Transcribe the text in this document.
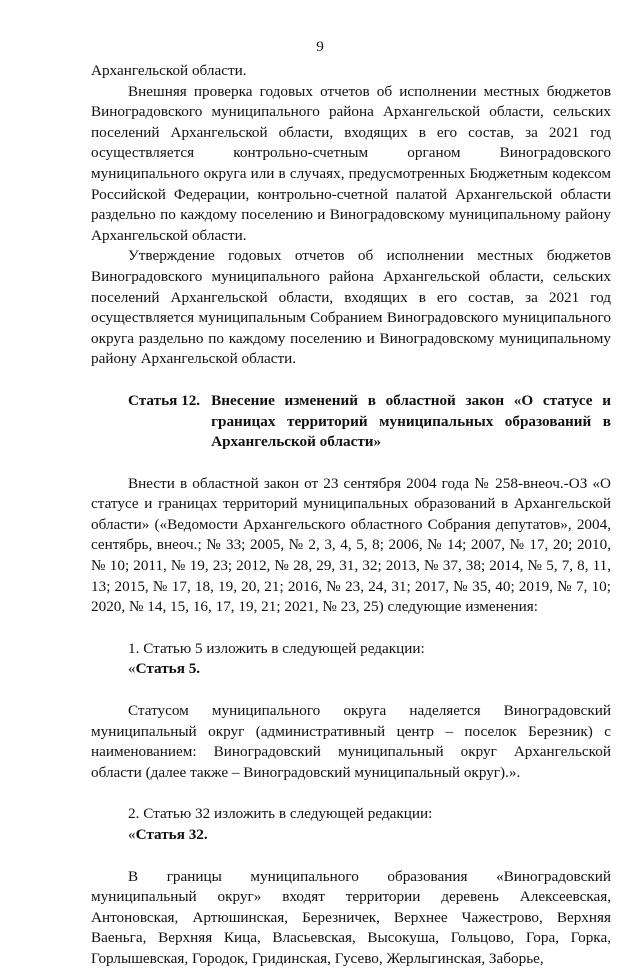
9

Архангельской области.

Внешняя проверка годовых отчетов об исполнении местных бюджетов Виноградовского муниципального района Архангельской области, сельских поселений Архангельской области, входящих в его состав, за 2021 год осуществляется контрольно-счетным органом Виноградовского муниципального округа или в случаях, предусмотренных Бюджетным кодексом Российской Федерации, контрольно-счетной палатой Архангельской области раздельно по каждому поселению и Виноградовскому муниципальному району Архангельской области.

Утверждение годовых отчетов об исполнении местных бюджетов Виноградовского муниципального района Архангельской области, сельских поселений Архангельской области, входящих в его состав, за 2021 год осуществляется муниципальным Собранием Виноградовского муниципального округа раздельно по каждому поселению и Виноградовскому муниципальному району Архангельской области.

Статья 12. Внесение изменений в областной закон «О статусе и границах территорий муниципальных образований в Архангельской области»

Внести в областной закон от 23 сентября 2004 года № 258-внеоч.-ОЗ «О статусе и границах территорий муниципальных образований в Архангельской области» («Ведомости Архангельского областного Собрания депутатов», 2004, сентябрь, внеоч.; № 33; 2005, № 2, 3, 4, 5, 8; 2006, № 14; 2007, № 17, 20; 2010, № 10; 2011, № 19, 23; 2012, № 28, 29, 31, 32; 2013, № 37, 38; 2014, № 5, 7, 8, 11, 13; 2015, № 17, 18, 19, 20, 21; 2016, № 23, 24, 31; 2017, № 35, 40; 2019, № 7, 10; 2020, № 14, 15, 16, 17, 19, 21; 2021, № 23, 25) следующие изменения:

1. Статью 5 изложить в следующей редакции:

«Статья 5.

Статусом муниципального округа наделяется Виноградовский муниципальный округ (административный центр – поселок Березник) с наименованием: Виноградовский муниципальный округ Архангельской области (далее также – Виноградовский муниципальный округ).».

2. Статью 32 изложить в следующей редакции:

«Статья 32.

В границы муниципального образования «Виноградовский муниципальный округ» входят территории деревень Алексеевская, Антоновская, Артюшинская, Березничек, Верхнее Чажестрово, Верхняя Ваеньга, Верхняя Кица, Власьевская, Высокуша, Гольцово, Гора, Горка, Горлышевская, Городок, Гридинская, Гусево, Жерлыгинская, Заборье,
